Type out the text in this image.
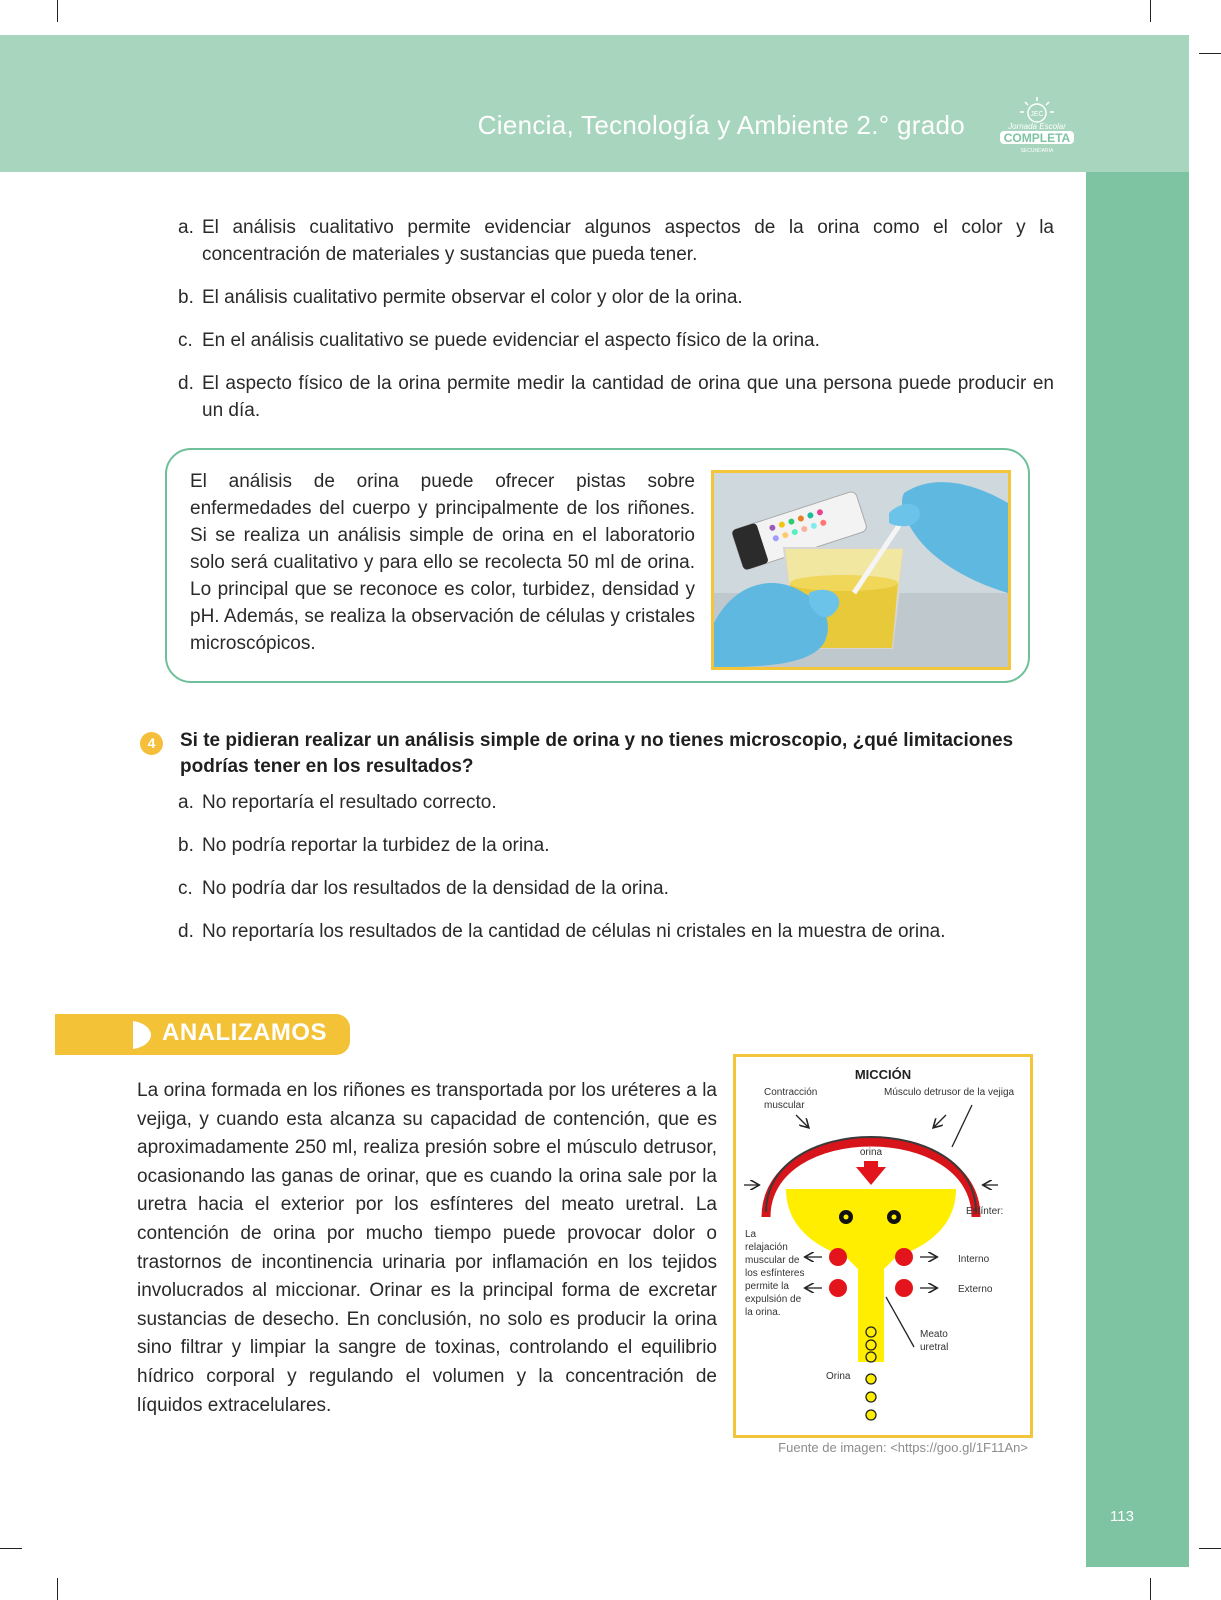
Ciencia, Tecnología y Ambiente 2.° grado	JEC
Jornada Escolar
COMPLETA
SECUNDARIA
a. El análisis cualitativo permite evidenciar algunos aspectos de la orina como el color y la concentración de materiales y sustancias que pueda tener.
b. El análisis cualitativo permite observar el color y olor de la orina.
c. En el análisis cualitativo se puede evidenciar el aspecto físico de la orina.
d. El aspecto físico de la orina permite medir la cantidad de orina que una persona puede producir en un día.
El análisis de orina puede ofrecer pistas sobre enfermedades del cuerpo y principalmente de los riñones. Si se realiza un análisis simple de orina en el laboratorio solo será cualitativo y para ello se recolecta 50 ml de orina. Lo principal que se reconoce es color, turbidez, densidad y pH. Además, se realiza la observación de células y cristales microscópicos.
4	Si te pidieran realizar un análisis simple de orina y no tienes microscopio, ¿qué limitaciones podrías tener en los resultados?
a. No reportaría el resultado correcto.
b. No podría reportar la turbidez de la orina.
c. No podría dar los resultados de la densidad de la orina.
d. No reportaría los resultados de la cantidad de células ni cristales en la muestra de orina.
ANALIZAMOS
La orina formada en los riñones es transportada por los uréteres a la vejiga, y cuando esta alcanza su capacidad de contención, que es aproximadamente 250 ml, realiza presión sobre el músculo detrusor, ocasionando las ganas de orinar, que es cuando la orina sale por la uretra hacia el exterior por los esfínteres del meato uretral. La contención de orina por mucho tiempo puede provocar dolor o trastornos de incontinencia urinaria por inflamación en los tejidos involucrados al miccionar. Orinar es la principal forma de excretar sustancias de desecho. En conclusión, no solo es producir la orina sino filtrar y limpiar la sangre de toxinas, controlando el equilibrio hídrico corporal y regulando el volumen y la concentración de líquidos extracelulares.
MICCIÓN
Contracción
muscular
Músculo detrusor de la vejiga
orina
Esfínter:
Interno
Externo
La
relajación
muscular de
los esfínteres
permite la
expulsión de
la orina.
Meato
uretral
Orina
Fuente de imagen: <https://goo.gl/1F11An>
113
